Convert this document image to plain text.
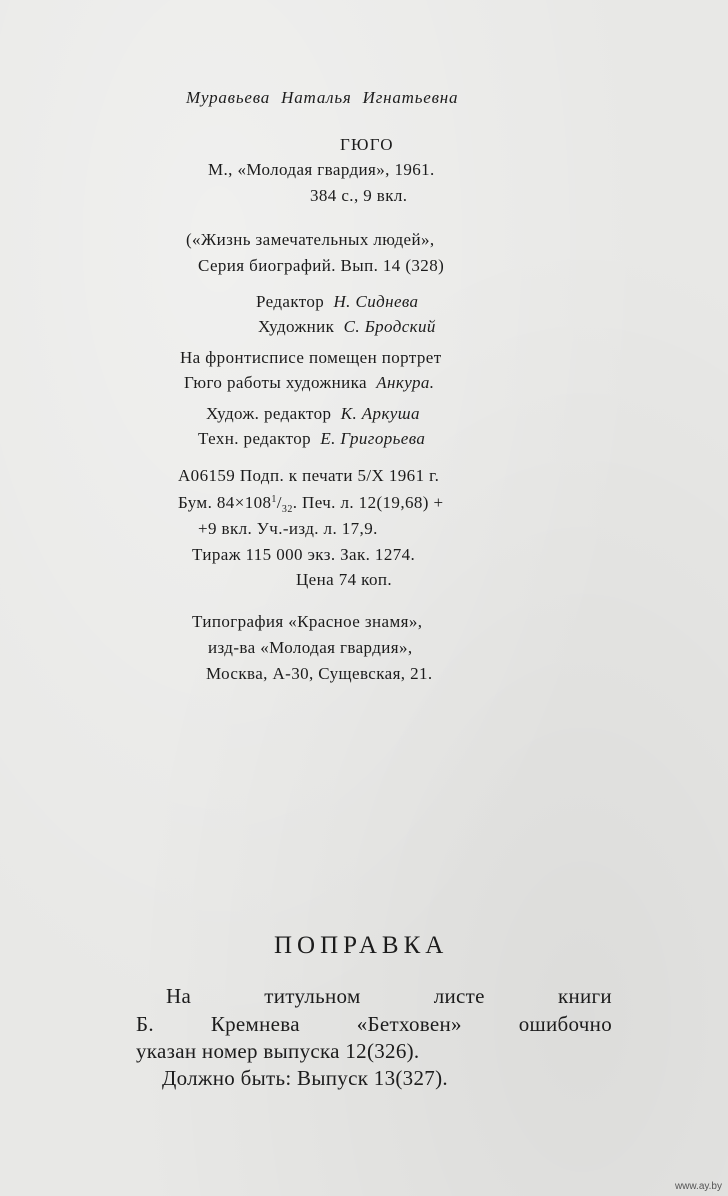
Муравьева Наталья Игнатьевна
ГЮГО
М., «Молодая гвардия», 1961.
384 с., 9 вкл.
(«Жизнь замечательных людей»,
Серия биографий. Вып. 14 (328)
Редактор Н. Сиднева
Художник С. Бродский
На фронтисписе помещен портрет
Гюго работы художника Анкура.
Худож. редактор К. Аркуша
Техн. редактор Е. Григорьева
А06159 Подп. к печати 5/X 1961 г.
Бум. $84\times 108^1/_{32}$. Печ. л. 12(19,68) +
+9 вкл. Уч.-изд. л. 17,9.
Тираж 115 000 экз. Зак. 1274.
Цена 74 коп.
Типография «Красное знамя»,
изд-ва «Молодая гвардия»,
Москва, А-30, Сущевская, 21.
ПОПРАВКА
На	титульном	листе	книги
Б.	Кремнева	«Бетховен»	ошибочно
указан номер выпуска 12(326).
Должно быть: Выпуск 13(327).
www.ay.by
